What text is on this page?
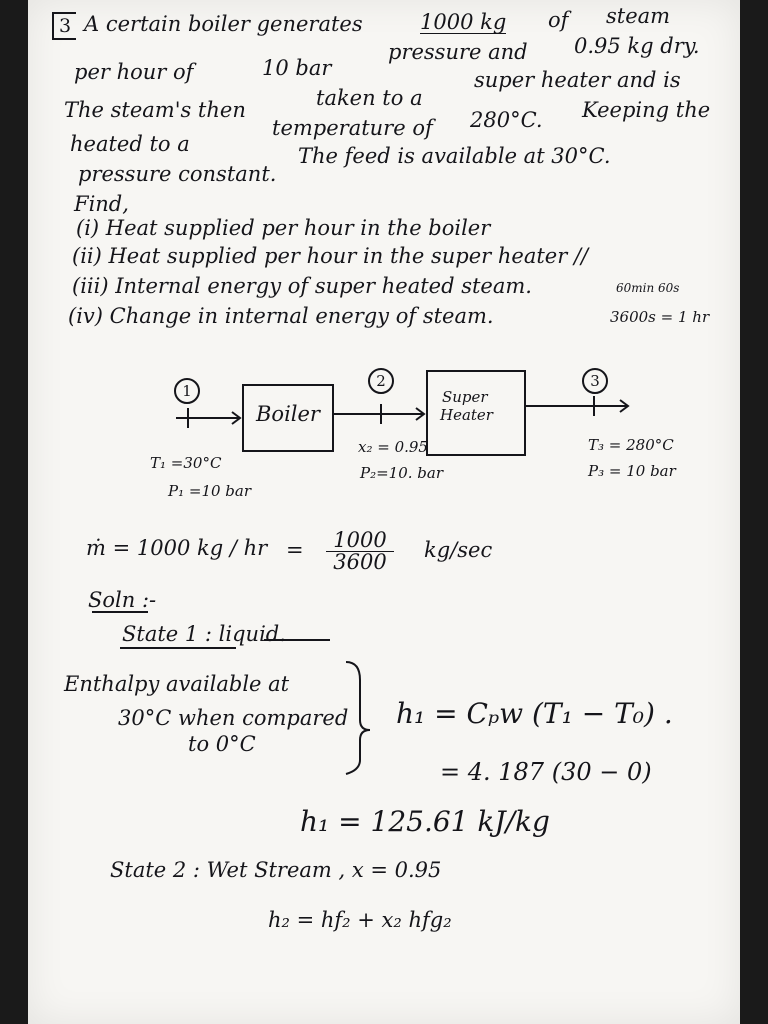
3 A certain boiler generates	1000 kg of steam
per hour of	10 bar
pressure and 0.95 kg dry.
The steam's then	taken to a
super heater and is
heated to a
temperature of 280°C. Keeping the
pressure constant.
The feed is available at 30°C.
Find,
(i) Heat supplied per hour in the boiler
(ii) Heat supplied per hour in the super heater //
(iii) Internal energy of super heated steam.
(iv) Change in internal energy of steam.
60min 60s
3600s = 1 hr
1
2	3
Boiler
Super
Heater
T₁ =30°C
P₁ =10 bar
x₂ = 0.95
P₂=10. bar
T₃ = 280°C
P₃ = 10 bar
ṁ = 1000 kg / hr = $\frac{1000}{3600} kg/\sec$
Soln :-
State 1 : liquid.
Enthalpy available at
30°C when compared
to 0°C
h₁ = Cₚw (T₁ − T₀) .
= 4. 187 (30 − 0)
h₁ = 125.61 kJ/kg
State 2 : Wet Stream , x = 0.95
h₂ = hf₂ + x₂ hfg₂
